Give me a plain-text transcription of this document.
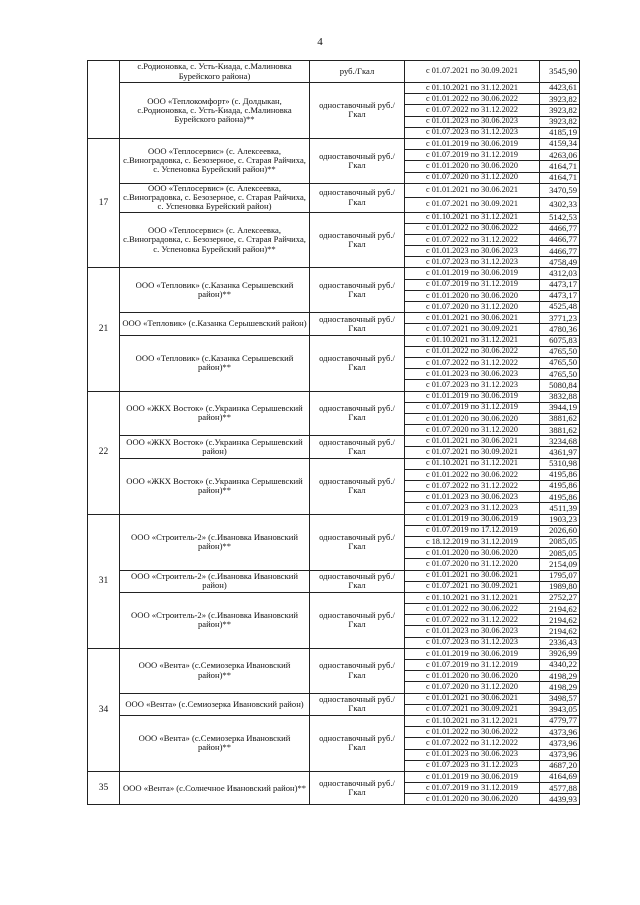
4
	с.Родионовка, с. Усть-Киада, с.Малиновка Бурейского района)	руб./Гкал	с 01.07.2021 по 30.09.2021	3545,90
	ООО «Теплокомфорт» (с. Долдыкан, с.Родионовка, с. Усть-Киада, с.Малиновка Бурейского района)**	одноставочный руб./Гкал	с 01.10.2021 по 31.12.2021	4423,61
			с 01.01.2022 по 30.06.2022	3923,82
			с 01.07.2022 по 31.12.2022	3923,82
			с 01.01.2023 по 30.06.2023	3923,82
			с 01.07.2023 по 31.12.2023	4185,19
17	ООО «Теплосервис» (с. Алексеевка, с.Виноградовка, с. Безозерное, с. Старая Райчиха, с. Успеновка Бурейский район)**	одноставочный руб./Гкал	с 01.01.2019 по 30.06.2019	4159,34
			с 01.07.2019 по 31.12.2019	4263,06
			с 01.01.2020 по 30.06.2020	4164,71
			с 01.07.2020 по 31.12.2020	4164,71
	ООО «Теплосервис» (с. Алексеевка, с.Виноградовка, с. Безозерное, с. Старая Райчиха, с. Успеновка Бурейский район)	одноставочный руб./Гкал	с 01.01.2021 по 30.06.2021	3470,59
			с 01.07.2021 по 30.09.2021	4302,33
	ООО «Теплосервис» (с. Алексеевка, с.Виноградовка, с. Безозерное, с. Старая Райчиха, с. Успеновка Бурейский район)**	одноставочный руб./Гкал	с 01.10.2021 по 31.12.2021	5142,53
			с 01.01.2022 по 30.06.2022	4466,77
			с 01.07.2022 по 31.12.2022	4466,77
			с 01.01.2023 по 30.06.2023	4466,77
			с 01.07.2023 по 31.12.2023	4758,49
21	ООО «Тепловик» (с.Казанка Серышевский район)**	одноставочный руб./Гкал	с 01.01.2019 по 30.06.2019	4312,03
			с 01.07.2019 по 31.12.2019	4473,17
			с 01.01.2020 по 30.06.2020	4473,17
			с 01.07.2020 по 31.12.2020	4525,48
	ООО «Тепловик» (с.Казанка Серышевский район)	одноставочный руб./Гкал	с 01.01.2021 по 30.06.2021	3771,23
			с 01.07.2021 по 30.09.2021	4780,36
	ООО «Тепловик» (с.Казанка Серышевский район)**	одноставочный руб./Гкал	с 01.10.2021 по 31.12.2021	6075,83
			с 01.01.2022 по 30.06.2022	4765,50
			с 01.07.2022 по 31.12.2022	4765,50
			с 01.01.2023 по 30.06.2023	4765,50
			с 01.07.2023 по 31.12.2023	5080,84
22	ООО «ЖКХ Восток» (с.Украинка Серышевский район)**	одноставочный руб./Гкал	с 01.01.2019 по 30.06.2019	3832,88
			с 01.07.2019 по 31.12.2019	3944,19
			с 01.01.2020 по 30.06.2020	3881,62
			с 01.07.2020 по 31.12.2020	3881,62
	ООО «ЖКХ Восток» (с.Украинка Серышевский район)	одноставочный руб./Гкал	с 01.01.2021 по 30.06.2021	3234,68
			с 01.07.2021 по 30.09.2021	4361,97
	ООО «ЖКХ Восток» (с.Украинка Серышевский район)**	одноставочный руб./Гкал	с 01.10.2021 по 31.12.2021	5310,98
			с 01.01.2022 по 30.06.2022	4195,86
			с 01.07.2022 по 31.12.2022	4195,86
			с 01.01.2023 по 30.06.2023	4195,86
			с 01.07.2023 по 31.12.2023	4511,39
31	ООО «Строитель-2» (с.Ивановка Ивановский район)**	одноставочный руб./Гкал	с 01.01.2019 по 30.06.2019	1903,23
			с 01.07.2019 по 17.12.2019	2026,60
			с 18.12.2019 по 31.12.2019	2085,05
			с 01.01.2020 по 30.06.2020	2085,05
			с 01.07.2020 по 31.12.2020	2154,09
	ООО «Строитель-2» (с.Ивановка Ивановский район)	одноставочный руб./Гкал	с 01.01.2021 по 30.06.2021	1795,07
			с 01.07.2021 по 30.09.2021	1989,80
	ООО «Строитель-2» (с.Ивановка Ивановский район)**	одноставочный руб./Гкал	с 01.10.2021 по 31.12.2021	2752,27
			с 01.01.2022 по 30.06.2022	2194,62
			с 01.07.2022 по 31.12.2022	2194,62
			с 01.01.2023 по 30.06.2023	2194,62
			с 01.07.2023 по 31.12.2023	2336,43
34	ООО «Вента» (с.Семиозерка Ивановский район)**	одноставочный руб./Гкал	с 01.01.2019 по 30.06.2019	3926,99
			с 01.07.2019 по 31.12.2019	4340,22
			с 01.01.2020 по 30.06.2020	4198,29
			с 01.07.2020 по 31.12.2020	4198,29
	ООО «Вента» (с.Семиозерка Ивановский район)	одноставочный руб./Гкал	с 01.01.2021 по 30.06.2021	3498,57
			с 01.07.2021 по 30.09.2021	3943,05
	ООО «Вента» (с.Семиозерка Ивановский район)**	одноставочный руб./Гкал	с 01.10.2021 по 31.12.2021	4779,77
			с 01.01.2022 по 30.06.2022	4373,96
			с 01.07.2022 по 31.12.2022	4373,96
			с 01.01.2023 по 30.06.2023	4373,96
			с 01.07.2023 по 31.12.2023	4687,20
35	ООО «Вента» (с.Солнечное Ивановский район)**	одноставочный руб./Гкал	с 01.01.2019 по 30.06.2019	4164,69
			с 01.07.2019 по 31.12.2019	4577,88
			с 01.01.2020 по 30.06.2020	4439,93
